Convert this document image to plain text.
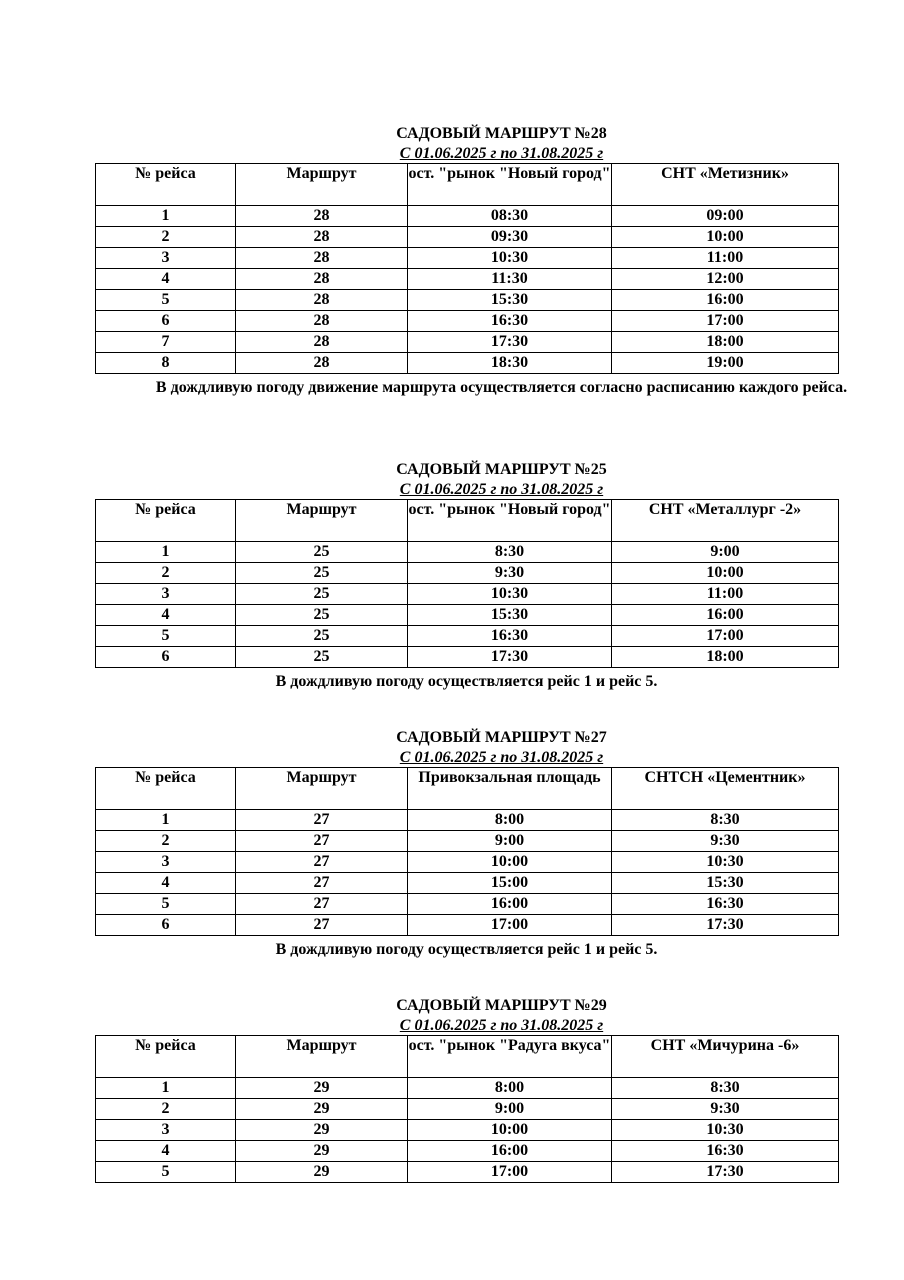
САДОВЫЙ МАРШРУТ №28
С 01.06.2025 г по 31.08.2025 г
№ рейса	Маршрут	ост. "рынок "Новый город"	СНТ «Метизник»
1	28	08:30	09:00
2	28	09:30	10:00
3	28	10:30	11:00
4	28	11:30	12:00
5	28	15:30	16:00
6	28	16:30	17:00
7	28	17:30	18:00
8	28	18:30	19:00
В дождливую погоду движение маршрута осуществляется согласно расписанию каждого рейса.
САДОВЫЙ МАРШРУТ №25
С 01.06.2025 г по 31.08.2025 г
№ рейса	Маршрут	ост. "рынок "Новый город"	СНТ «Металлург -2»
1	25	8:30	9:00
2	25	9:30	10:00
3	25	10:30	11:00
4	25	15:30	16:00
5	25	16:30	17:00
6	25	17:30	18:00
В дождливую погоду осуществляется рейс 1 и рейс 5.
САДОВЫЙ МАРШРУТ №27
С 01.06.2025 г по 31.08.2025 г
№ рейса	Маршрут	Привокзальная площадь	СНТСН «Цементник»
1	27	8:00	8:30
2	27	9:00	9:30
3	27	10:00	10:30
4	27	15:00	15:30
5	27	16:00	16:30
6	27	17:00	17:30
В дождливую погоду осуществляется рейс 1 и рейс 5.
САДОВЫЙ МАРШРУТ №29
С 01.06.2025 г по 31.08.2025 г
№ рейса	Маршрут	ост. "рынок "Радуга вкуса"	СНТ «Мичурина -6»
1	29	8:00	8:30
2	29	9:00	9:30
3	29	10:00	10:30
4	29	16:00	16:30
5	29	17:00	17:30
